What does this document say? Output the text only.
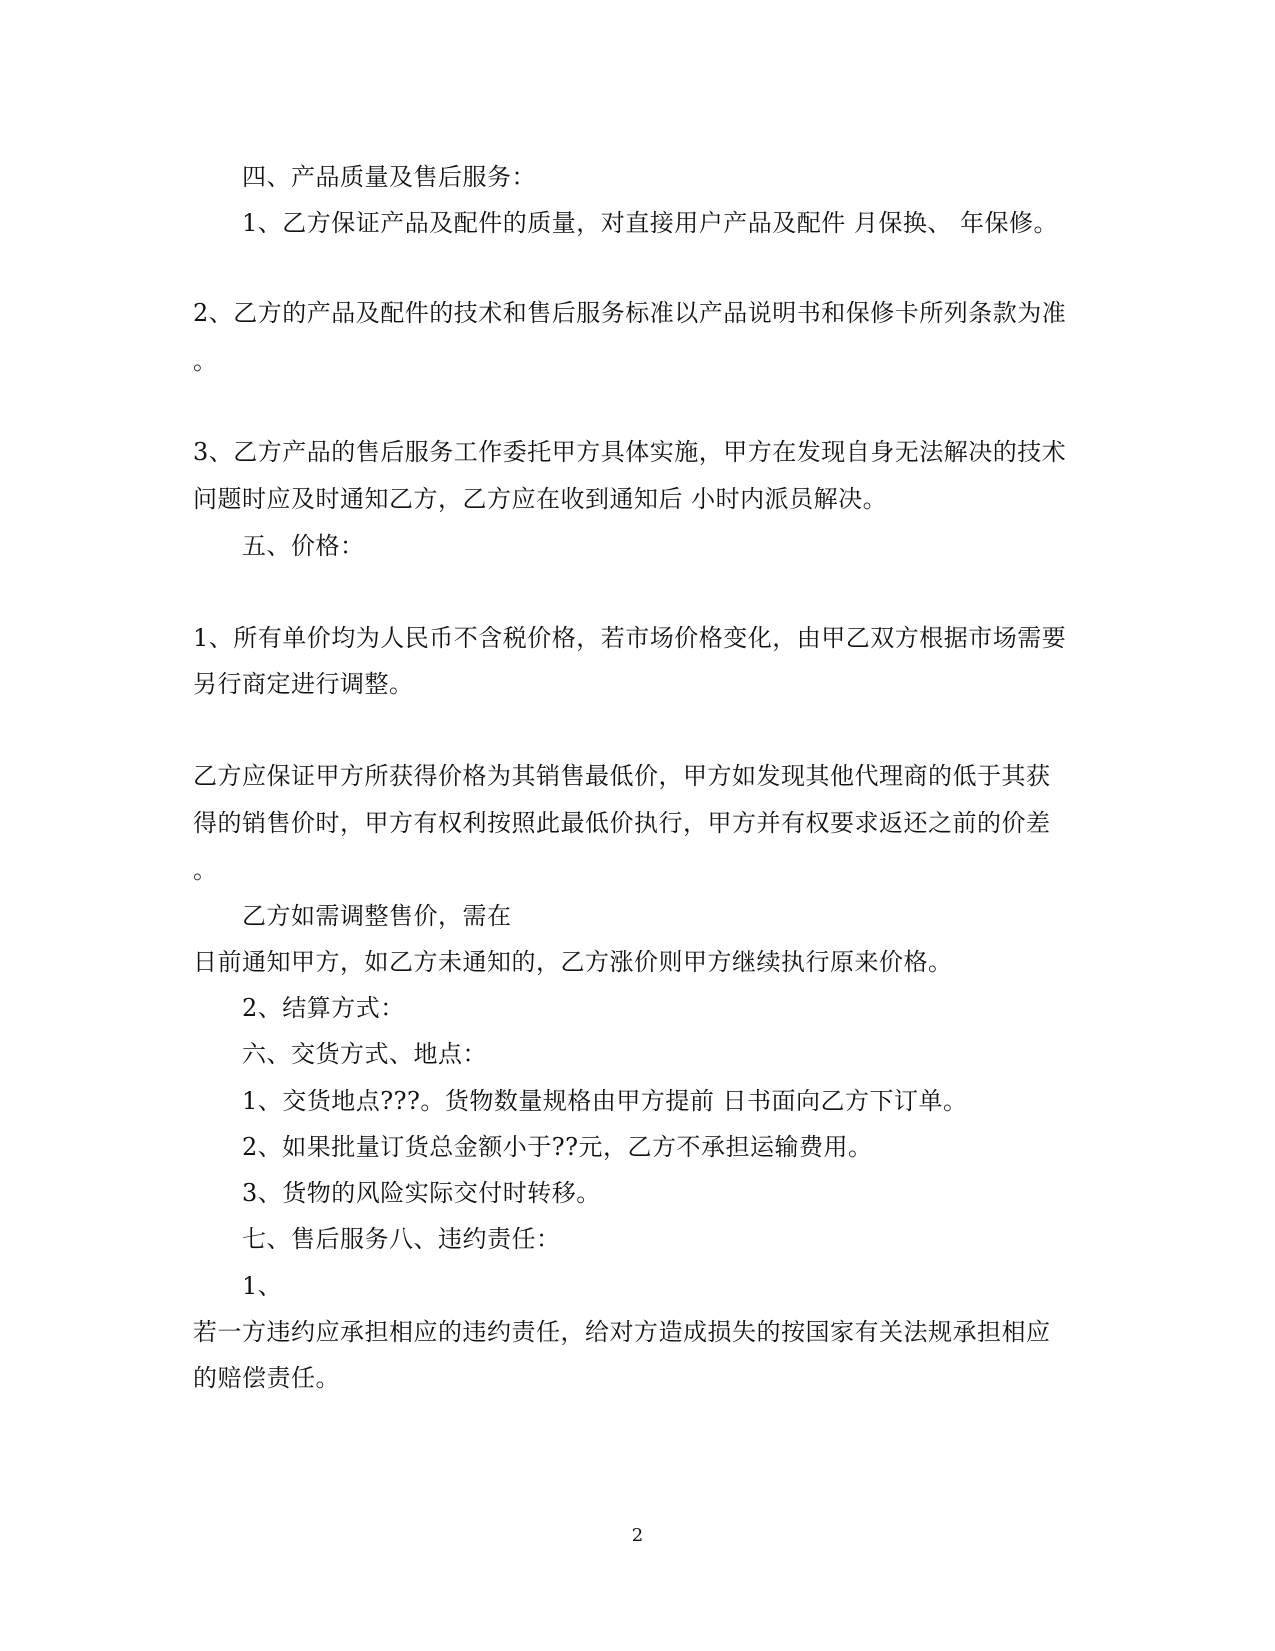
四、产品质量及售后服务：
1、乙方保证产品及配件的质量，对直接用户产品及配件 月保换、 年保修。
2、乙方的产品及配件的技术和售后服务标准以产品说明书和保修卡所列条款为准
。
3、乙方产品的售后服务工作委托甲方具体实施，甲方在发现自身无法解决的技术
问题时应及时通知乙方，乙方应在收到通知后 小时内派员解决。
五、价格：
1、所有单价均为人民币不含税价格，若市场价格变化，由甲乙双方根据市场需要
另行商定进行调整。
乙方应保证甲方所获得价格为其销售最低价，甲方如发现其他代理商的低于其获
得的销售价时，甲方有权利按照此最低价执行，甲方并有权要求返还之前的价差
。
乙方如需调整售价，需在
日前通知甲方，如乙方未通知的，乙方涨价则甲方继续执行原来价格。
2、结算方式：
六、交货方式、地点：
1、交货地点???。货物数量规格由甲方提前 日书面向乙方下订单。
2、如果批量订货总金额小于??元，乙方不承担运输费用。
3、货物的风险实际交付时转移。
七、售后服务八、违约责任：
1、
若一方违约应承担相应的违约责任，给对方造成损失的按国家有关法规承担相应
的赔偿责任。
2
